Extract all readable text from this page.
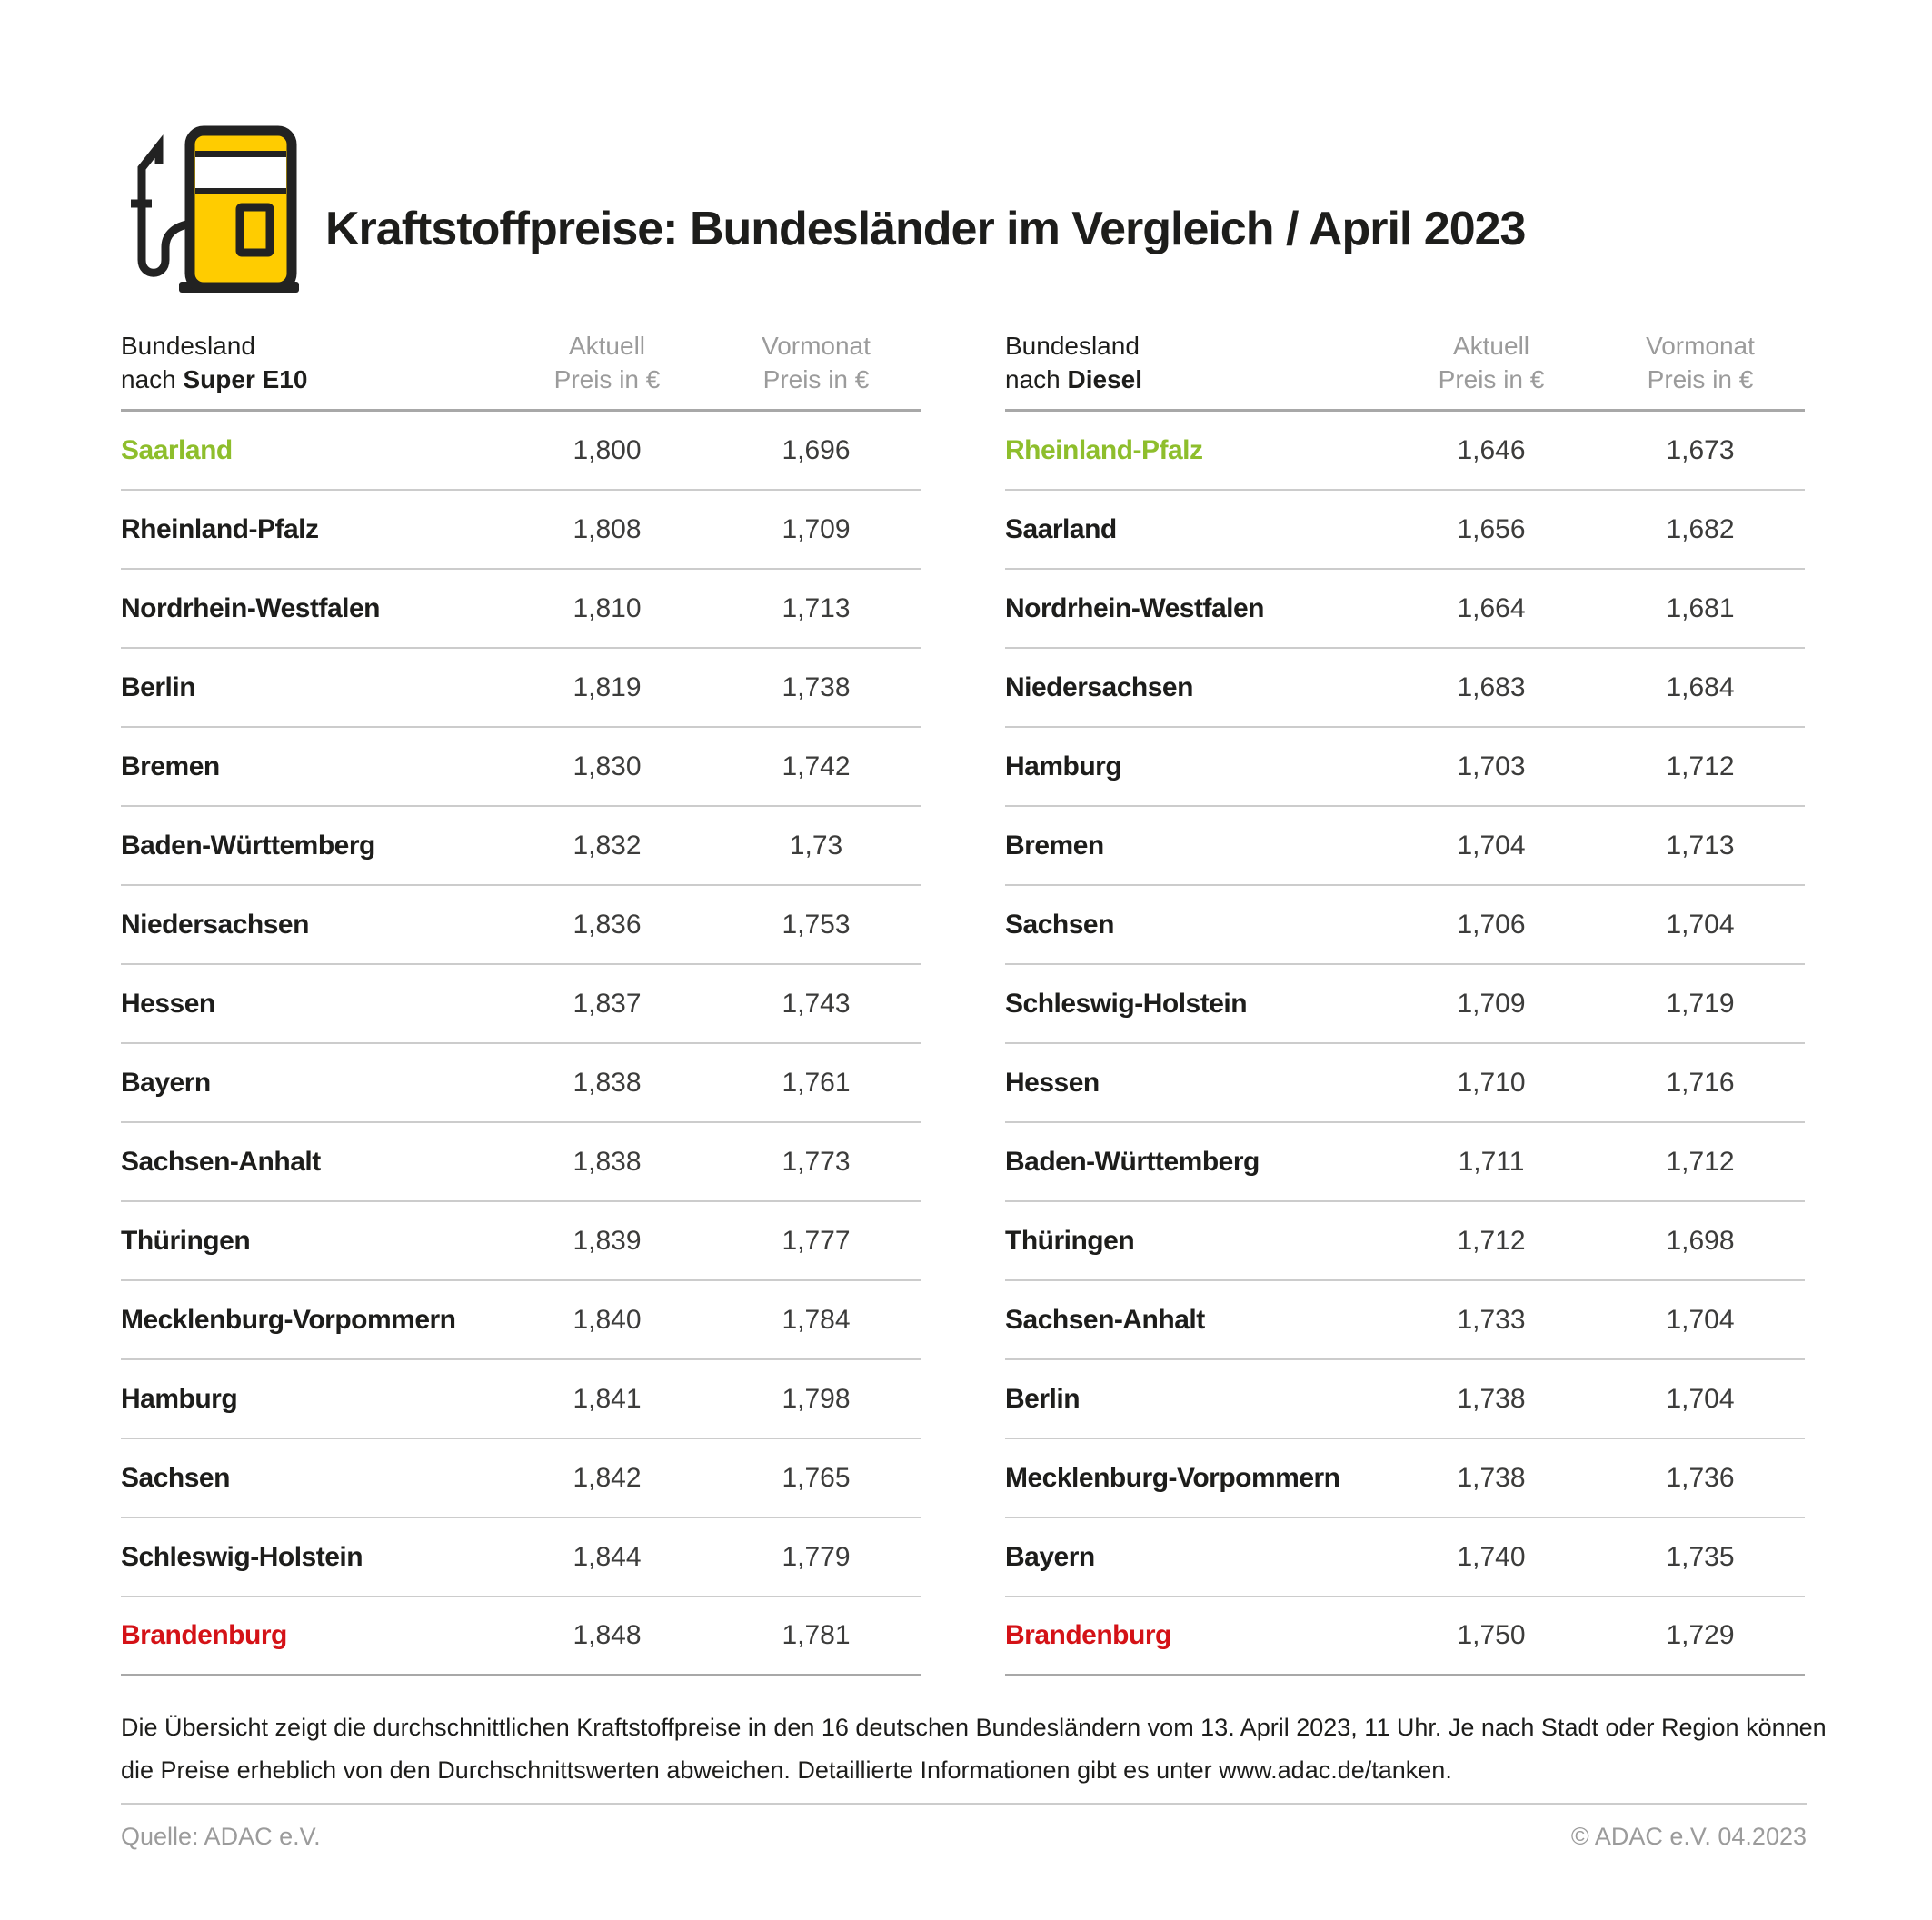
Kraftstoffpreise: Bundesländer im Vergleich / April 2023
Bundesland
nach Super E10
Aktuell
Preis in €
Vormonat
Preis in €
Saarland	1,800	1,696
Rheinland-Pfalz	1,808	1,709
Nordrhein-Westfalen	1,810	1,713
Berlin	1,819	1,738
Bremen	1,830	1,742
Baden-Württemberg	1,832	1,73
Niedersachsen	1,836	1,753
Hessen	1,837	1,743
Bayern	1,838	1,761
Sachsen-Anhalt	1,838	1,773
Thüringen	1,839	1,777
Mecklenburg-Vorpommern	1,840	1,784
Hamburg	1,841	1,798
Sachsen	1,842	1,765
Schleswig-Holstein	1,844	1,779
Brandenburg	1,848	1,781
Bundesland
nach Diesel
Aktuell
Preis in €
Vormonat
Preis in €
Rheinland-Pfalz	1,646	1,673
Saarland	1,656	1,682
Nordrhein-Westfalen	1,664	1,681
Niedersachsen	1,683	1,684
Hamburg	1,703	1,712
Bremen	1,704	1,713
Sachsen	1,706	1,704
Schleswig-Holstein	1,709	1,719
Hessen	1,710	1,716
Baden-Württemberg	1,711	1,712
Thüringen	1,712	1,698
Sachsen-Anhalt	1,733	1,704
Berlin	1,738	1,704
Mecklenburg-Vorpommern	1,738	1,736
Bayern	1,740	1,735
Brandenburg	1,750	1,729

Die Übersicht zeigt die durchschnittlichen Kraftstoffpreise in den 16 deutschen Bundesländern vom 13. April 2023, 11 Uhr. Je nach Stadt oder Region können die Preise erheblich von den Durchschnittswerten abweichen. Detaillierte Informationen gibt es unter www.adac.de/tanken.

Quelle: ADAC e.V.	© ADAC e.V. 04.2023
